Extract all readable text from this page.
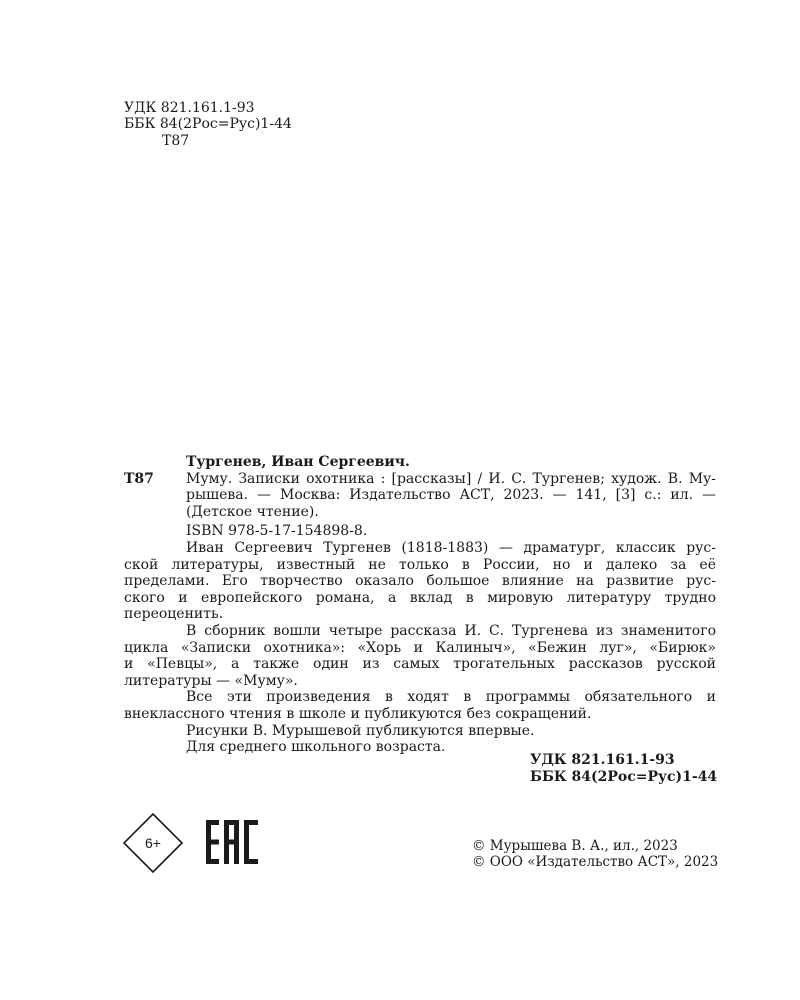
УДК 821.161.1-93
ББК 84(2Рос=Рус)1-44
Т87
Тургенев, Иван Сергеевич.
Т87 Муму. Записки охотника : [рассказы] / И. С. Тургенев; худож. В. Му-
рышева. — Москва: Издательство АСТ, 2023. — 141, [3] с.: ил. —
(Детское чтение).
ISBN 978-5-17-154898-8.
Иван Сергеевич Тургенев (1818-1883) — драматург, классик рус-
ской литературы, известный не только в России, но и далеко за её
пределами. Его творчество оказало большое влияние на развитие рус-
ского и европейского романа, а вклад в мировую литературу трудно
переоценить.
В сборник вошли четыре рассказа И. С. Тургенева из знаменитого
цикла «Записки охотника»: «Хорь и Калиныч», «Бежин луг», «Бирюк»
и «Певцы», а также один из самых трогательных рассказов русской
литературы — «Муму».
Все эти произведения в ходят в программы обязательного и
внеклассного чтения в школе и публикуются без сокращений.
Рисунки В. Мурышевой публикуются впервые.
Для среднего школьного возраста.
УДК 821.161.1-93
ББК 84(2Рос=Рус)1-44
6+	© Мурышева В. А., ил., 2023
© ООО «Издательство АСТ», 2023
